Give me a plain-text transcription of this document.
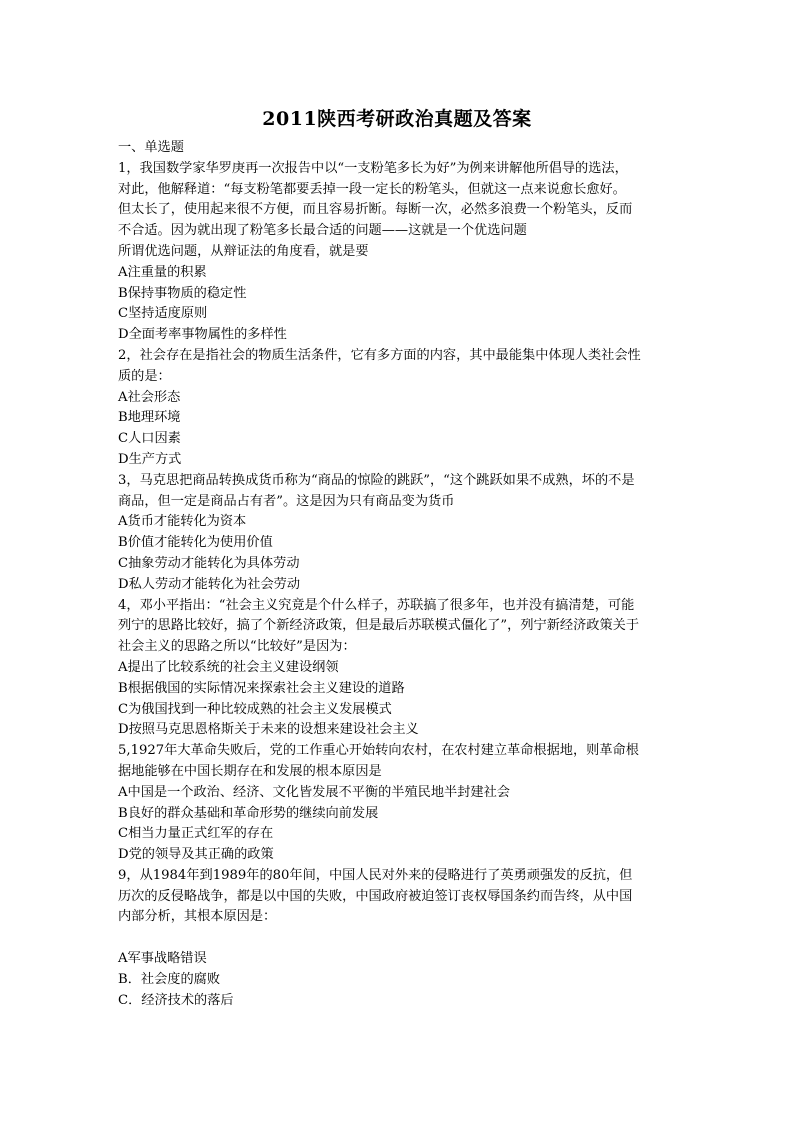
2011陕西考研政治真题及答案
一、单选题
1，我国数学家华罗庚再一次报告中以“一支粉笔多长为好”为例来讲解他所倡导的选法，
对此，他解释道：“每支粉笔都要丢掉一段一定长的粉笔头，但就这一点来说愈长愈好。
但太长了，使用起来很不方便，而且容易折断。每断一次，必然多浪费一个粉笔头，反而
不合适。因为就出现了粉笔多长最合适的问题——这就是一个优选问题
所谓优选问题，从辩证法的角度看，就是要
A注重量的积累
B保持事物质的稳定性
C坚持适度原则
D全面考率事物属性的多样性
2，社会存在是指社会的物质生活条件，它有多方面的内容，其中最能集中体现人类社会性
质的是：
A社会形态
B地理环境
C人口因素
D生产方式
3，马克思把商品转换成货币称为“商品的惊险的跳跃”，“这个跳跃如果不成熟，坏的不是
商品，但一定是商品占有者”。这是因为只有商品变为货币
A货币才能转化为资本
B价值才能转化为使用价值
C抽象劳动才能转化为具体劳动
D私人劳动才能转化为社会劳动
4，邓小平指出：“社会主义究竟是个什么样子，苏联搞了很多年，也并没有搞清楚，可能
列宁的思路比较好，搞了个新经济政策，但是最后苏联模式僵化了”，列宁新经济政策关于
社会主义的思路之所以“比较好”是因为：
A提出了比较系统的社会主义建设纲领
B根据俄国的实际情况来探索社会主义建设的道路
C为俄国找到一种比较成熟的社会主义发展模式
D按照马克思恩格斯关于未来的设想来建设社会主义
5,1927年大革命失败后，党的工作重心开始转向农村，在农村建立革命根据地，则革命根
据地能够在中国长期存在和发展的根本原因是
A中国是一个政治、经济、文化皆发展不平衡的半殖民地半封建社会
B良好的群众基础和革命形势的继续向前发展
C相当力量正式红军的存在
D党的领导及其正确的政策
9，从1984年到1989年的80年间，中国人民对外来的侵略进行了英勇顽强发的反抗，但
历次的反侵略战争，都是以中国的失败，中国政府被迫签订丧权辱国条约而告终，从中国
内部分析，其根本原因是：
A军事战略错误
B．社会度的腐败
C．经济技术的落后
